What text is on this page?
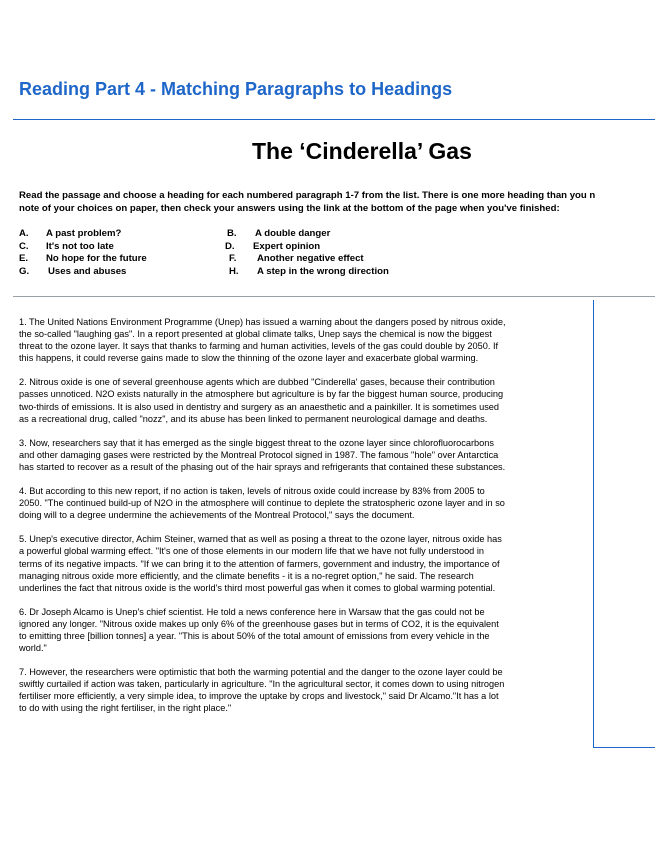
Reading Part 4 - Matching Paragraphs to Headings
The ‘Cinderella’ Gas
Read the passage and choose a heading for each numbered paragraph 1-7 from the list. There is one more heading than you n
note of your choices on paper, then check your answers using the link at the bottom of the page when you've finished:
A. A past problem?	B. A double danger
C. It's not too late	D. Expert opinion
E. No hope for the future	F. Another negative effect
G. Uses and abuses	H. A step in the wrong direction
1. The United Nations Environment Programme (Unep) has issued a warning about the dangers posed by nitrous oxide,
the so-called "laughing gas". In a report presented at global climate talks, Unep says the chemical is now the biggest
threat to the ozone layer. It says that thanks to farming and human activities, levels of the gas could double by 2050. If
this happens, it could reverse gains made to slow the thinning of the ozone layer and exacerbate global warming.
2. Nitrous oxide is one of several greenhouse agents which are dubbed "Cinderella' gases, because their contribution
passes unnoticed. N2O exists naturally in the atmosphere but agriculture is by far the biggest human source, producing
two-thirds of emissions. It is also used in dentistry and surgery as an anaesthetic and a painkiller. It is sometimes used
as a recreational drug, called "nozz", and its abuse has been linked to permanent neurological damage and deaths.
3. Now, researchers say that it has emerged as the single biggest threat to the ozone layer since chlorofluorocarbons
and other damaging gases were restricted by the Montreal Protocol signed in 1987. The famous "hole" over Antarctica
has started to recover as a result of the phasing out of the hair sprays and refrigerants that contained these substances.
4. But according to this new report, if no action is taken, levels of nitrous oxide could increase by 83% from 2005 to
2050. "The continued build-up of N2O in the atmosphere will continue to deplete the stratospheric ozone layer and in so
doing will to a degree undermine the achievements of the Montreal Protocol," says the document.
5. Unep's executive director, Achim Steiner, warned that as well as posing a threat to the ozone layer, nitrous oxide has
a powerful global warming effect. "It's one of those elements in our modern life that we have not fully understood in
terms of its negative impacts. "If we can bring it to the attention of farmers, government and industry, the importance of
managing nitrous oxide more efficiently, and the climate benefits - it is a no-regret option," he said. The research
underlines the fact that nitrous oxide is the world's third most powerful gas when it comes to global warming potential.
6. Dr Joseph Alcamo is Unep's chief scientist. He told a news conference here in Warsaw that the gas could not be
ignored any longer. "Nitrous oxide makes up only 6% of the greenhouse gases but in terms of CO2, it is the equivalent
to emitting three [billion tonnes] a year. "This is about 50% of the total amount of emissions from every vehicle in the
world."
7. However, the researchers were optimistic that both the warming potential and the danger to the ozone layer could be
swiftly curtailed if action was taken, particularly in agriculture. "In the agricultural sector, it comes down to using nitrogen
fertiliser more efficiently, a very simple idea, to improve the uptake by crops and livestock," said Dr Alcamo."It has a lot
to do with using the right fertiliser, in the right place."
